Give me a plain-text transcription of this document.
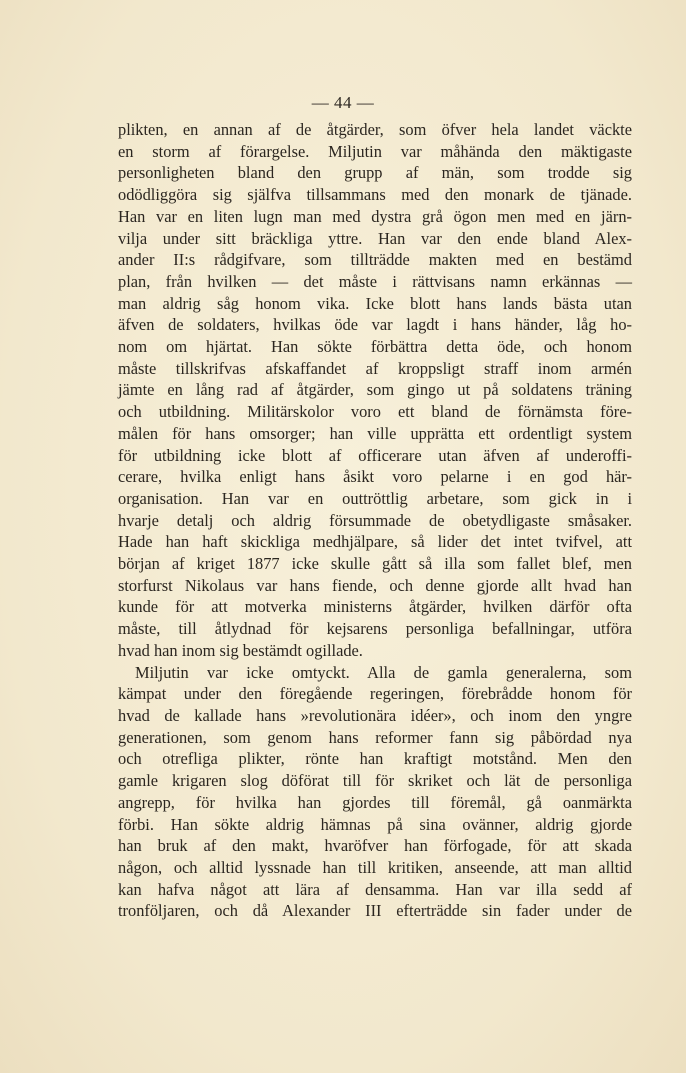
— 44 —
plikten, en annan af de åtgärder, som öfver hela landet väckte
en storm af förargelse. Miljutin var måhända den mäktigaste
personligheten bland den grupp af män, som trodde sig
odödliggöra sig själfva tillsammans med den monark de tjänade.
Han var en liten lugn man med dystra grå ögon men med en järn-
vilja under sitt bräckliga yttre. Han var den ende bland Alex-
ander II:s rådgifvare, som tillträdde makten med en bestämd
plan, från hvilken — det måste i rättvisans namn erkännas —
man aldrig såg honom vika. Icke blott hans lands bästa utan
äfven de soldaters, hvilkas öde var lagdt i hans händer, låg ho-
nom om hjärtat. Han sökte förbättra detta öde, och honom
måste tillskrifvas afskaffandet af kroppsligt straff inom armén
jämte en lång rad af åtgärder, som gingo ut på soldatens träning
och utbildning. Militärskolor voro ett bland de förnämsta före-
målen för hans omsorger; han ville upprätta ett ordentligt system
för utbildning icke blott af officerare utan äfven af underoffi-
cerare, hvilka enligt hans åsikt voro pelarne i en god här-
organisation. Han var en outtröttlig arbetare, som gick in i
hvarje detalj och aldrig försummade de obetydligaste småsaker.
Hade han haft skickliga medhjälpare, så lider det intet tvifvel, att
början af kriget 1877 icke skulle gått så illa som fallet blef, men
storfurst Nikolaus var hans fiende, och denne gjorde allt hvad han
kunde för att motverka ministerns åtgärder, hvilken därför ofta
måste, till åtlydnad för kejsarens personliga befallningar, utföra
hvad han inom sig bestämdt ogillade.
Miljutin var icke omtyckt. Alla de gamla generalerna, som
kämpat under den föregående regeringen, förebrådde honom för
hvad de kallade hans »revolutionära idéer», och inom den yngre
generationen, som genom hans reformer fann sig påbördad nya
och otrefliga plikter, rönte han kraftigt motstånd. Men den
gamle krigaren slog döförat till för skriket och lät de personliga
angrepp, för hvilka han gjordes till föremål, gå oanmärkta
förbi. Han sökte aldrig hämnas på sina ovänner, aldrig gjorde
han bruk af den makt, hvaröfver han förfogade, för att skada
någon, och alltid lyssnade han till kritiken, anseende, att man alltid
kan hafva något att lära af densamma. Han var illa sedd af
tronföljaren, och då Alexander III efterträdde sin fader under de
